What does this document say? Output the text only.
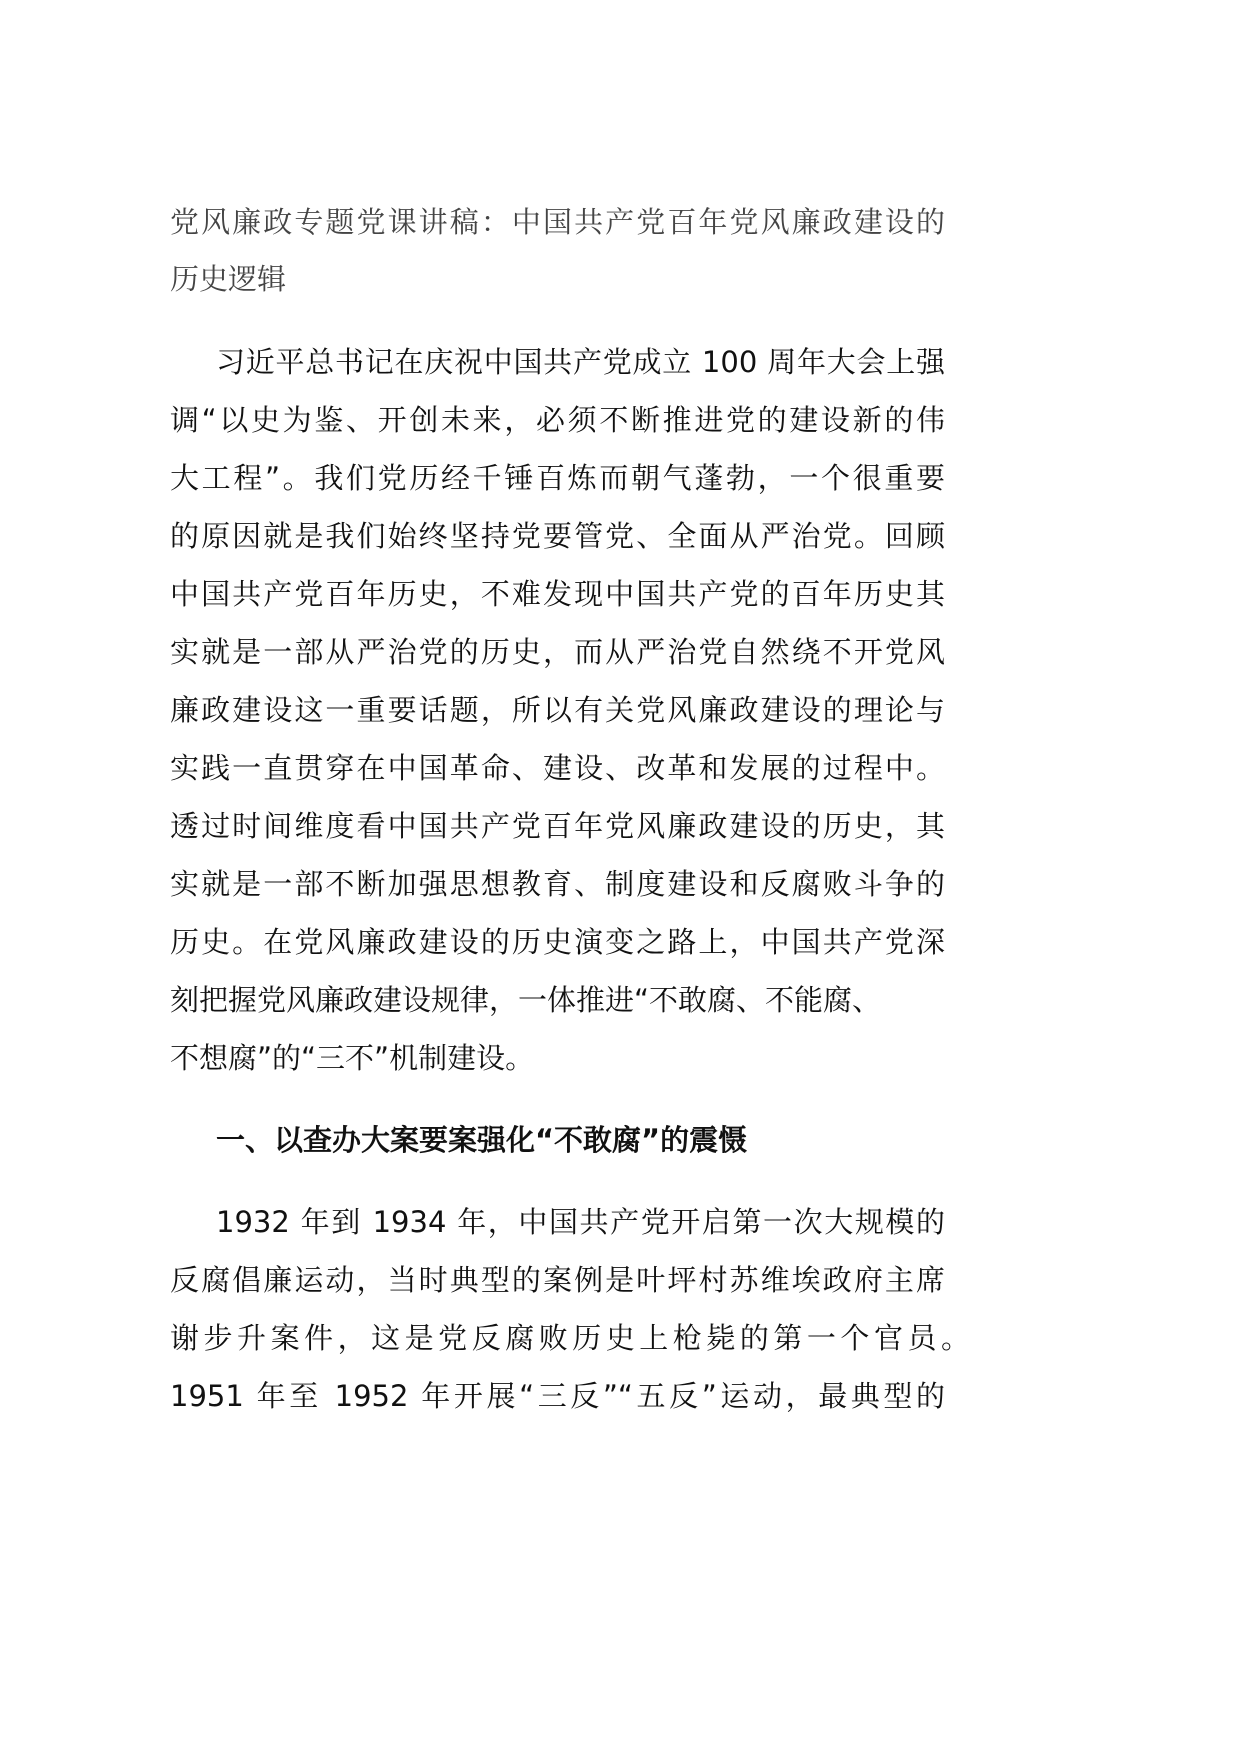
党风廉政专题党课讲稿：中国共产党百年党风廉政建设的
历史逻辑
习近平总书记在庆祝中国共产党成立 100 周年大会上强
调“以史为鉴、开创未来，必须不断推进党的建设新的伟
大工程”。我们党历经千锤百炼而朝气蓬勃，一个很重要
的原因就是我们始终坚持党要管党、全面从严治党。回顾
中国共产党百年历史，不难发现中国共产党的百年历史其
实就是一部从严治党的历史，而从严治党自然绕不开党风
廉政建设这一重要话题，所以有关党风廉政建设的理论与
实践一直贯穿在中国革命、建设、改革和发展的过程中。
透过时间维度看中国共产党百年党风廉政建设的历史，其
实就是一部不断加强思想教育、制度建设和反腐败斗争的
历史。在党风廉政建设的历史演变之路上，中国共产党深
刻把握党风廉政建设规律，一体推进“不敢腐、不能腐、
不想腐”的“三不”机制建设。
一、以查办大案要案强化“不敢腐”的震慑
1932 年到 1934 年，中国共产党开启第一次大规模的
反腐倡廉运动，当时典型的案例是叶坪村苏维埃政府主席
谢步升案件，这是党反腐败历史上枪毙的第一个官员。
1951 年至 1952 年开展“三反”“五反”运动，最典型的
